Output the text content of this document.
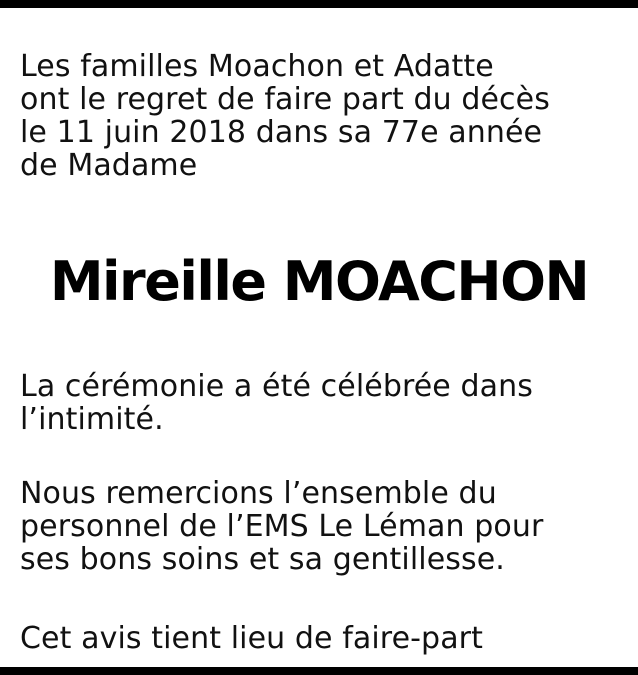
Les familles Moachon et Adatte
ont le regret de faire part du décès
le 11 juin 2018 dans sa 77e année
de Madame
Mireille MOACHON
La cérémonie a été célébrée dans
l’intimité.
Nous remercions l’ensemble du
personnel de l’EMS Le Léman pour
ses bons soins et sa gentillesse.
Cet avis tient lieu de faire-part
